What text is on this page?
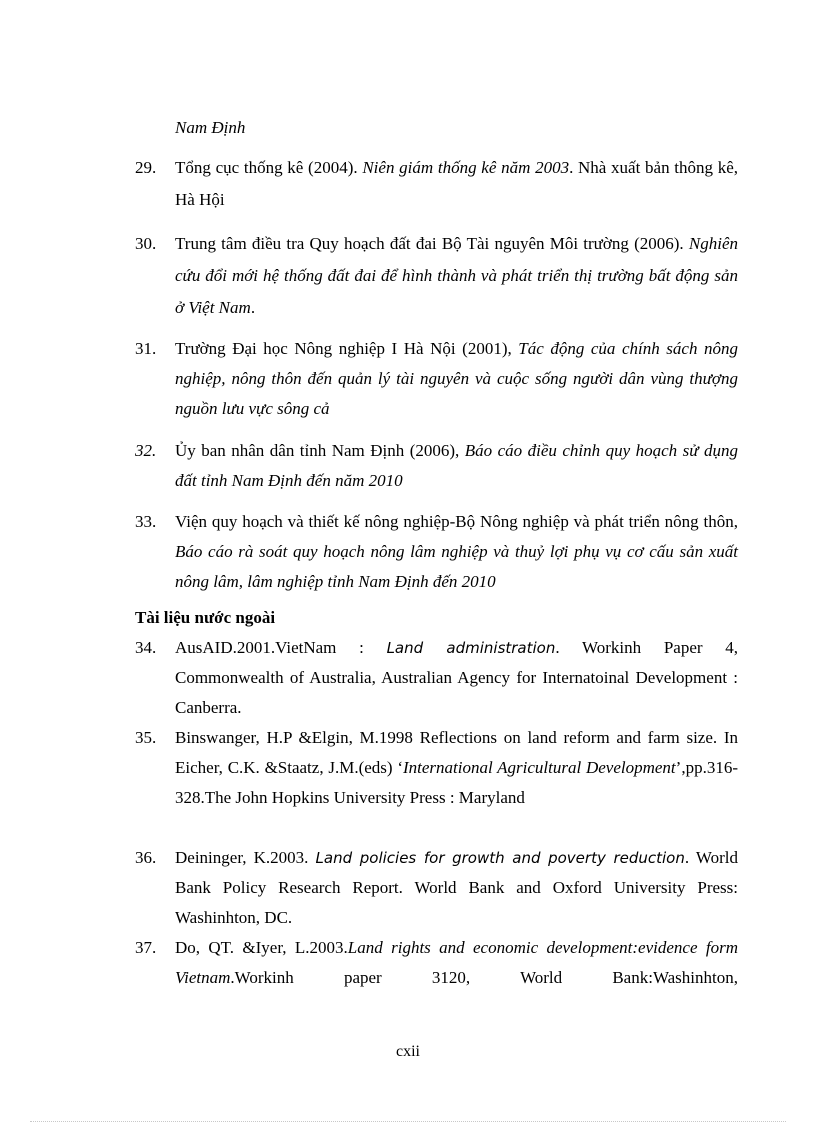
Nam Định
29.	Tổng cục thống kê (2004). Niên giám thống kê năm 2003. Nhà xuất bản thông kê, Hà Hội
30.	Trung tâm điều tra Quy hoạch đất đai Bộ Tài nguyên Môi trường (2006). Nghiên cứu đổi mới hệ thống đất đai để hình thành và phát triển thị trường bất động sản ở Việt Nam.
31.	Trường Đại học Nông nghiệp I Hà Nội (2001), Tác động của chính sách nông nghiệp, nông thôn đến quản lý tài nguyên và cuộc sống người dân vùng thượng nguồn lưu vực sông cả
32.	Ủy ban nhân dân tỉnh Nam Định (2006), Báo cáo điều chỉnh quy hoạch sử dụng đất tỉnh Nam Định đến năm 2010
33.	Viện quy hoạch và thiết kế nông nghiệp-Bộ Nông nghiệp và phát triển nông thôn, Báo cáo rà soát quy hoạch nông lâm nghiệp và thuỷ lợi phụ vụ cơ cấu sản xuất nông lâm, lâm nghiệp tỉnh Nam Định đến 2010
Tài liệu nước ngoài
34.	AusAID.2001.VietNam : Land administration. Workinh Paper 4, Commonwealth of Australia, Australian Agency for Internatoinal Development : Canberra.
35.	Binswanger, H.P &Elgin, M.1998 Reflections on land reform and farm size. In Eicher, C.K. &Staatz, J.M.(eds) ‘International Agricultural Development’,pp.316-328.The John Hopkins University Press : Maryland
36.	Deininger, K.2003. Land policies for growth and poverty reduction. World Bank Policy Research Report. World Bank and Oxford University Press: Washinhton, DC.
37.	Do, QT. &Iyer, L.2003.Land rights and economic development:evidence form Vietnam.Workinh paper 3120, World Bank:Washinhton,
cxii
